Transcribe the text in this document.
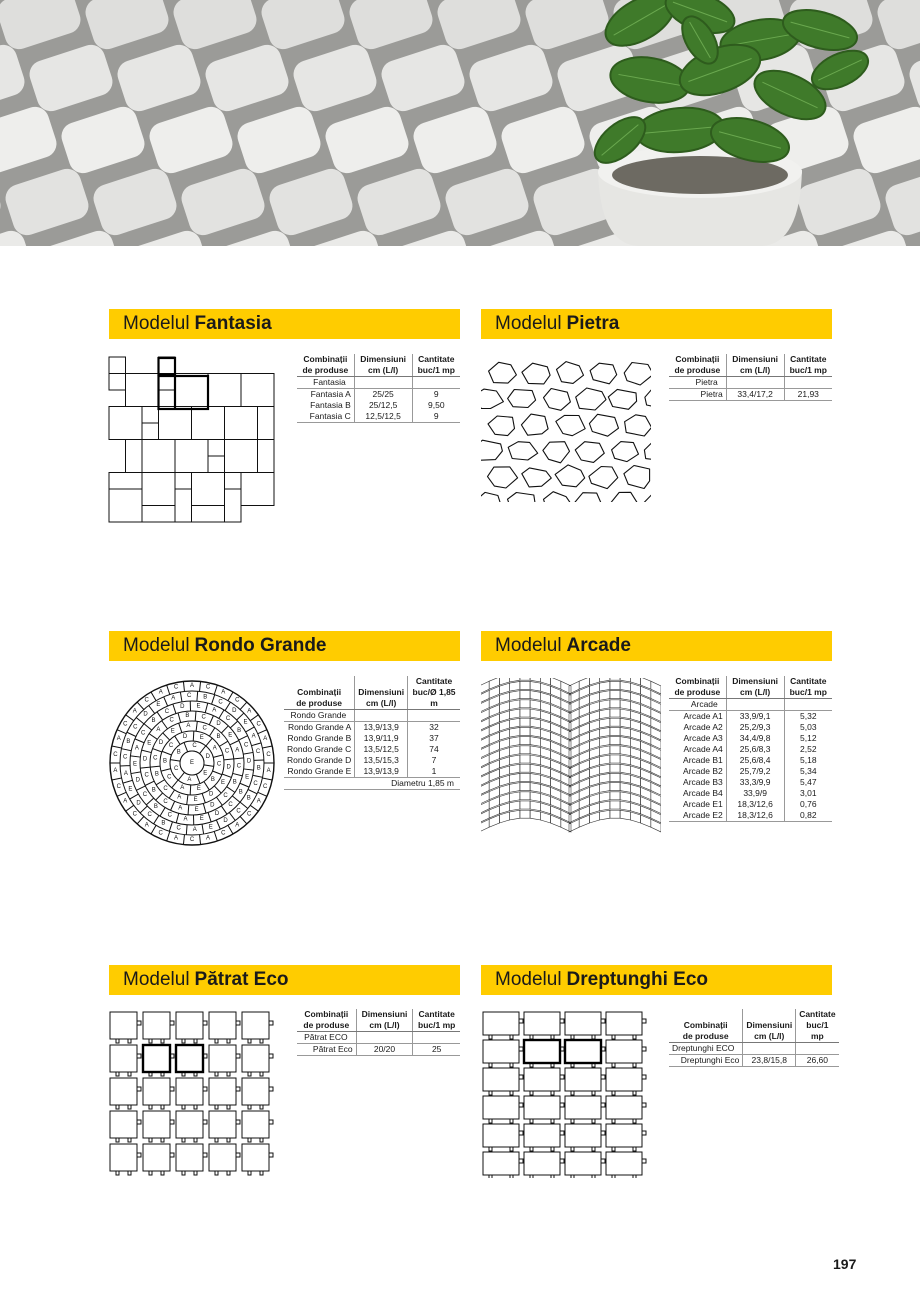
Modelul Fantasia
Combinații
de produse	Dimensiuni
cm (L/l)	Cantitate
buc/1 mp
Fantasia		
Fantasia A	25/25	9
Fantasia B	25/12,5	9,50
Fantasia C	12,5/12,5	9
Modelul Pietra
Combinații
de produse	Dimensiuni
cm (L/l)	Cantitate
buc/1 mp
Pietra		
Pietra	33,4/17,2	21,93
Modelul Rondo Grande
A
C
A
C
A
C
A
C
A
C
A
C
A
C
A
C
A
C
A
C
A
C A C
A
C
A
C
A
C
C
B
C
D
E
A
C
B
C
D
E
A
C
B
C
D
E
A C B
C
D
E
A
C
B
B
C
D
E
A
C
B
C
D
E
A
C
B
C
D E
A
C
B
C
D
E
C
D
E
A
C
B
C
D
E
A
C
B C
D
E
A
C
B
D
E
A
C
B
C
D
E
A C
B
C
D
E
E
A
C
B
C
D E
A
C
B
A
C
B
C
D
E
E
Combinații
de produse	Dimensiuni
cm (L/l)	Cantitate
buc/Ø 1,85 m
Rondo Grande		
Rondo Grande A	13,9/13,9	32
Rondo Grande B	13,9/11,9	37
Rondo Grande C	13,5/12,5	74
Rondo Grande D	13,5/15,3	7
Rondo Grande E	13,9/13,9	1
Diametru 1,85 m		
Modelul Arcade
Combinații
de produse	Dimensiuni
cm (L/l)	Cantitate
buc/1 mp
Arcade		
Arcade A1	33,9/9,1	5,32
Arcade A2	25,2/9,3	5,03
Arcade A3	34,4/9,8	5,12
Arcade A4	25,6/8,3	2,52
Arcade B1	25,6/8,4	5,18
Arcade B2	25,7/9,2	5,34
Arcade B3	33,3/9,9	5,47
Arcade B4	33,9/9	3,01
Arcade E1	18,3/12,6	0,76
Arcade E2	18,3/12,6	0,82
Modelul Pătrat Eco
Combinații
de produse	Dimensiuni
cm (L/l)	Cantitate
buc/1 mp
Pătrat ECO		
Pătrat Eco	20/20	25
Modelul Dreptunghi Eco
Combinații
de produse	Dimensiuni
cm (L/l)	Cantitate
buc/1 mp
Dreptunghi ECO		
Dreptunghi Eco	23,8/15,8	26,60
197
